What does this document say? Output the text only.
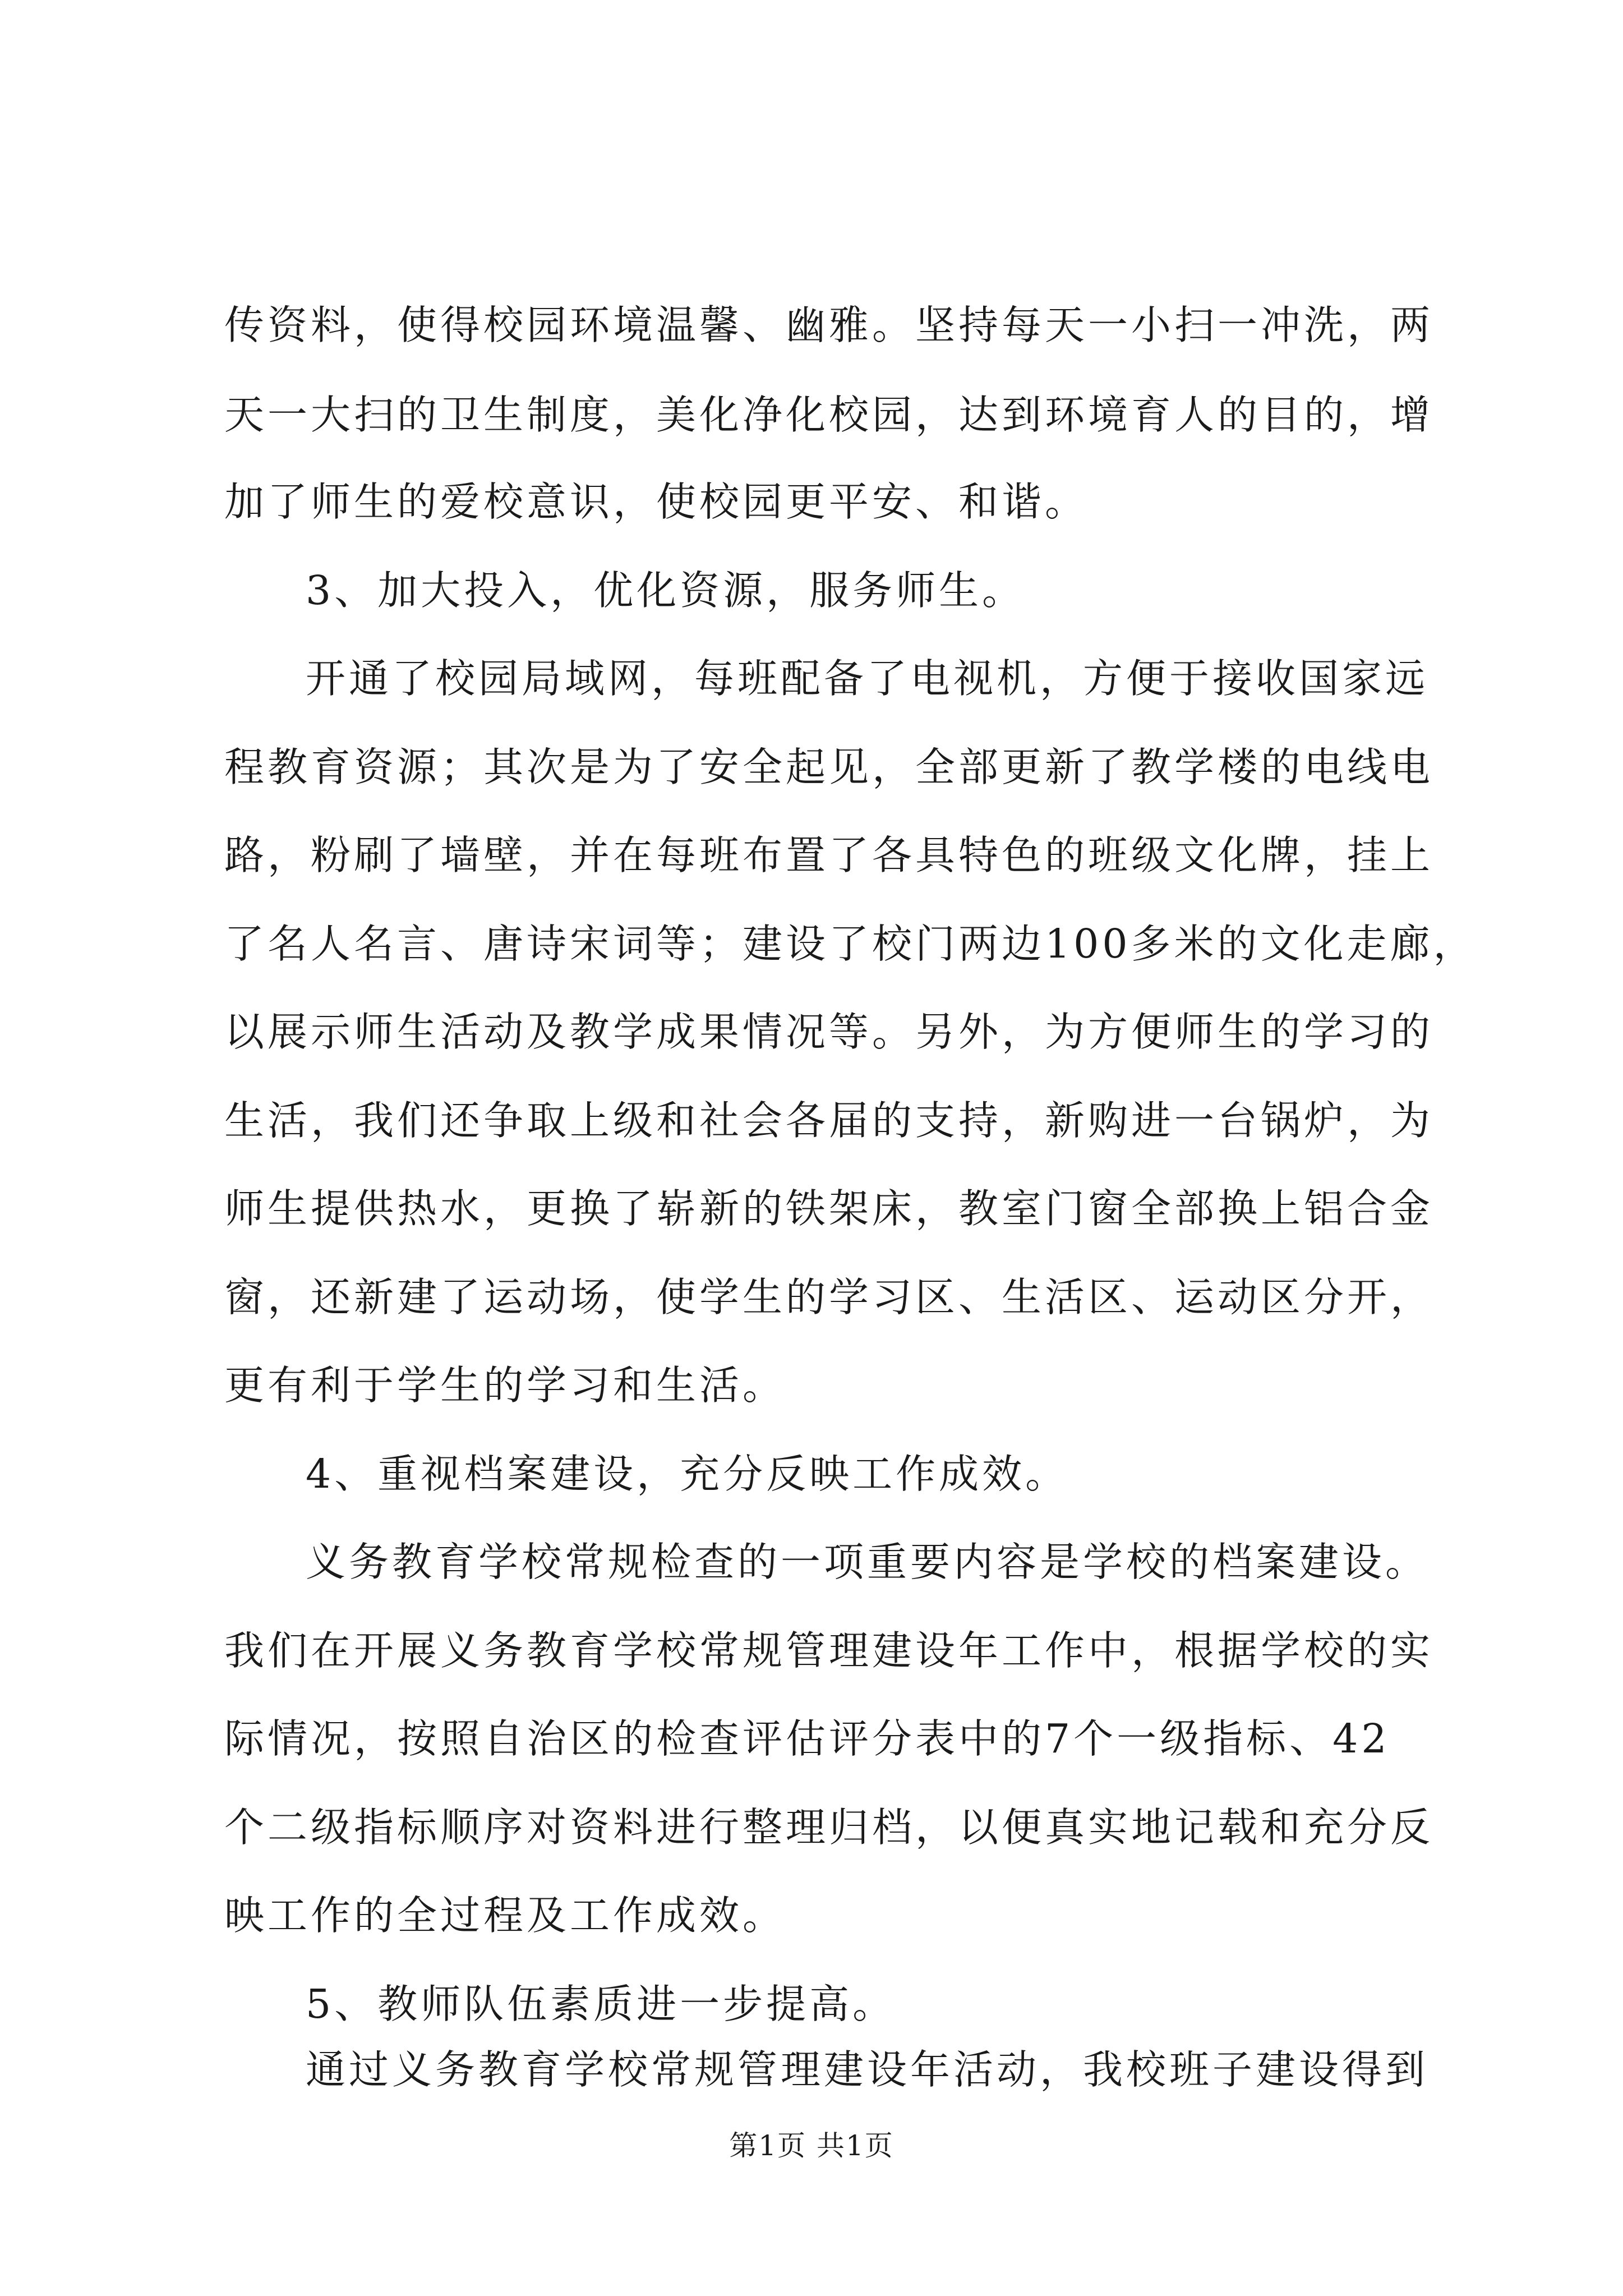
传资料，使得校园环境温馨、幽雅。坚持每天一小扫一冲洗，两
天一大扫的卫生制度，美化净化校园，达到环境育人的目的，增
加了师生的爱校意识，使校园更平安、和谐。
3、加大投入，优化资源，服务师生。
开通了校园局域网，每班配备了电视机，方便于接收国家远
程教育资源；其次是为了安全起见，全部更新了教学楼的电线电
路，粉刷了墙壁，并在每班布置了各具特色的班级文化牌，挂上
了名人名言、唐诗宋词等；建设了校门两边100多米的文化走廊，
以展示师生活动及教学成果情况等。另外，为方便师生的学习的
生活，我们还争取上级和社会各届的支持，新购进一台锅炉，为
师生提供热水，更换了崭新的铁架床，教室门窗全部换上铝合金
窗，还新建了运动场，使学生的学习区、生活区、运动区分开，
更有利于学生的学习和生活。
4、重视档案建设，充分反映工作成效。
义务教育学校常规检查的一项重要内容是学校的档案建设。
我们在开展义务教育学校常规管理建设年工作中，根据学校的实
际情况，按照自治区的检查评估评分表中的7个一级指标、42
个二级指标顺序对资料进行整理归档，以便真实地记载和充分反
映工作的全过程及工作成效。
5、教师队伍素质进一步提高。
通过义务教育学校常规管理建设年活动，我校班子建设得到
第1页 共1页
